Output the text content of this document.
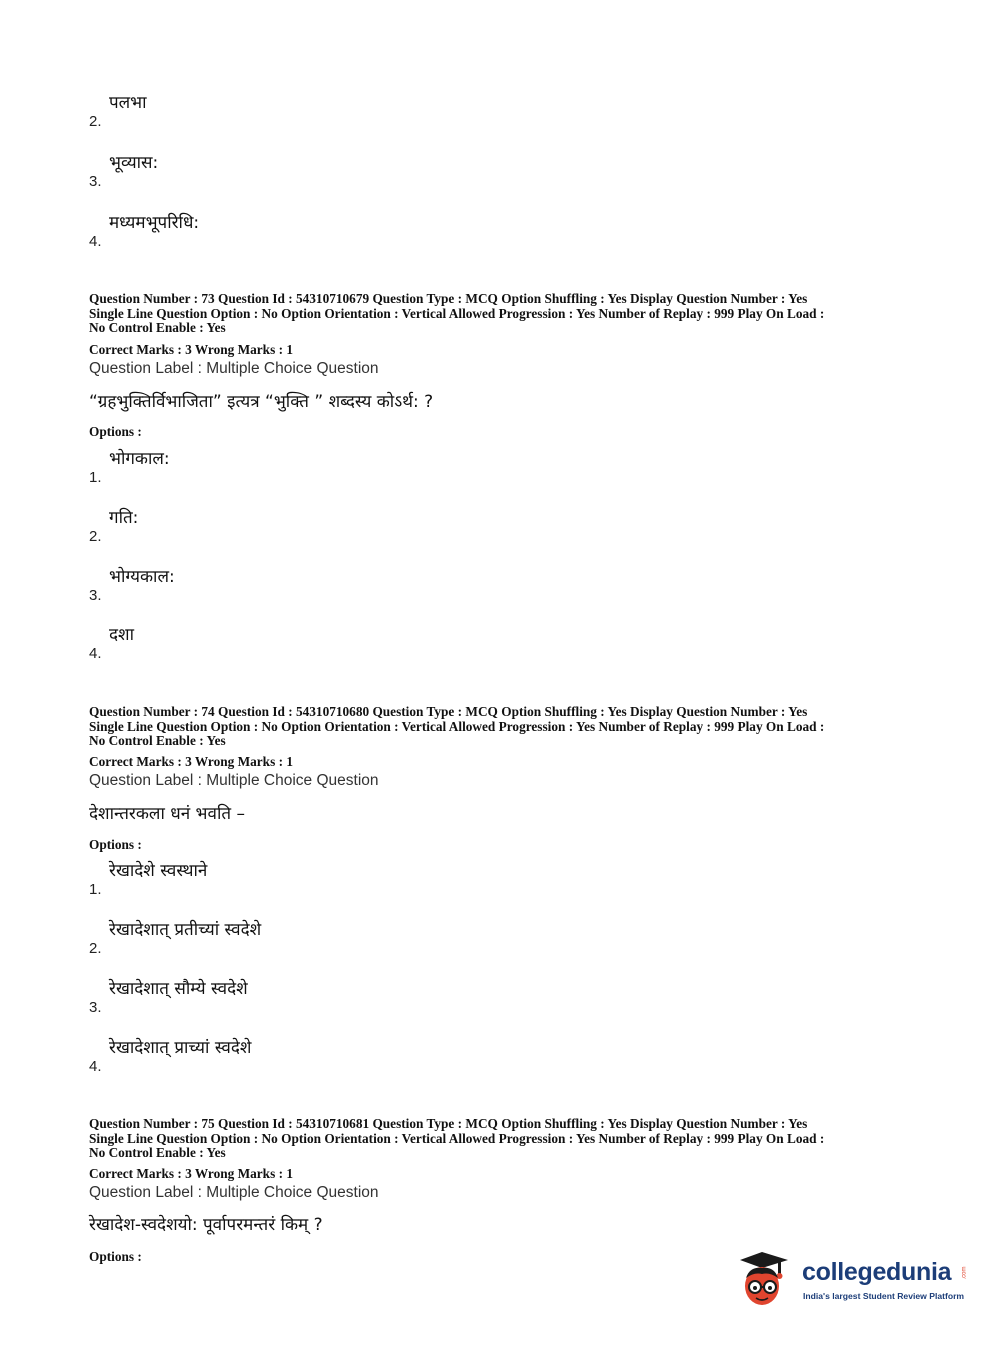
2.
पलभा
3.
भूव्यास:
4.
मध्यमभूपरिधि:
Question Number : 73 Question Id : 54310710679 Question Type : MCQ Option Shuffling : Yes Display Question Number : Yes
Single Line Question Option : No Option Orientation : Vertical Allowed Progression : Yes Number of Replay : 999 Play On Load :
No Control Enable : Yes
Correct Marks : 3 Wrong Marks : 1
Question Label : Multiple Choice Question
“ग्रहभुक्तिर्विभाजिता” इत्यत्र “भुक्ति ” शब्दस्य कोऽर्थ: ?
Options :
1.
भोगकाल:
2.
गति:
3.
भोग्यकाल:
4.
दशा
Question Number : 74 Question Id : 54310710680 Question Type : MCQ Option Shuffling : Yes Display Question Number : Yes
Single Line Question Option : No Option Orientation : Vertical Allowed Progression : Yes Number of Replay : 999 Play On Load :
No Control Enable : Yes
Correct Marks : 3 Wrong Marks : 1
Question Label : Multiple Choice Question
देशान्तरकला धनं भवति –
Options :
1.
रेखादेशे स्वस्थाने
2.
रेखादेशात् प्रतीच्यां स्वदेशे
3.
रेखादेशात् सौम्ये स्वदेशे
4.
रेखादेशात् प्राच्यां स्वदेशे
Question Number : 75 Question Id : 54310710681 Question Type : MCQ Option Shuffling : Yes Display Question Number : Yes
Single Line Question Option : No Option Orientation : Vertical Allowed Progression : Yes Number of Replay : 999 Play On Load :
No Control Enable : Yes
Correct Marks : 3 Wrong Marks : 1
Question Label : Multiple Choice Question
रेखादेश-स्वदेशयो: पूर्वापरमन्तरं किम् ?
Options :
collegedunia .com
India's largest Student Review Platform
